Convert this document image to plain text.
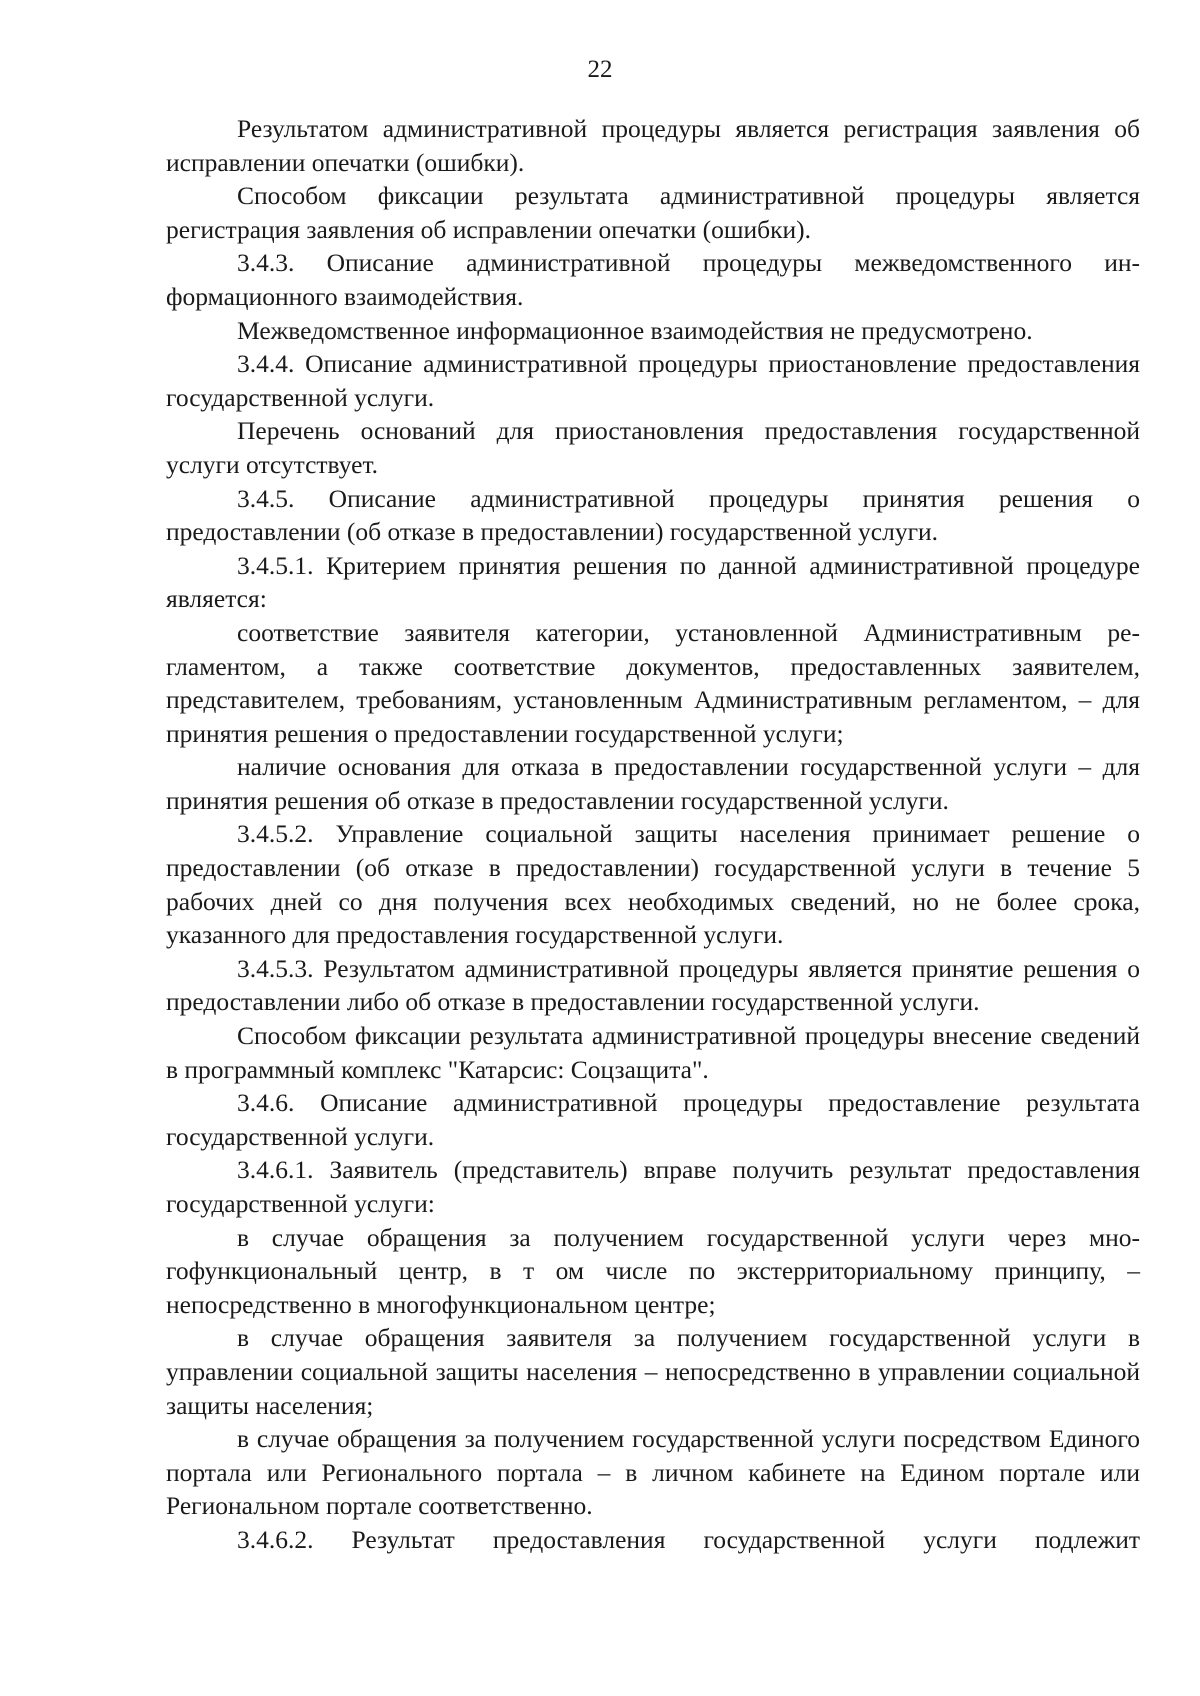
22

Результатом административной процедуры является регистрация заявления об исправлении опечатки (ошибки).

Способом фиксации результата административной процедуры является регистрация заявления об исправлении опечатки (ошибки).

3.4.3. Описание административной процедуры межведомственного информационного взаимодействия.

Межведомственное информационное взаимодействия не предусмотрено.

3.4.4. Описание административной процедуры приостановление предоставления государственной услуги.

Перечень оснований для приостановления предоставления государственной услуги отсутствует.

3.4.5. Описание административной процедуры принятия решения о предоставлении (об отказе в предоставлении) государственной услуги.

3.4.5.1. Критерием принятия решения по данной административной процедуре является:

соответствие заявителя категории, установленной Административным регламентом, а также соответствие документов, предоставленных заявителем, представителем, требованиям, установленным Административным регламентом, – для принятия решения о предоставлении государственной услуги;

наличие основания для отказа в предоставлении государственной услуги – для принятия решения об отказе в предоставлении государственной услуги.

3.4.5.2. Управление социальной защиты населения принимает решение о предоставлении (об отказе в предоставлении) государственной услуги в течение 5 рабочих дней со дня получения всех необходимых сведений, но не более срока, указанного для предоставления государственной услуги.

3.4.5.3. Результатом административной процедуры является принятие решения о предоставлении либо об отказе в предоставлении государственной услуги.

Способом фиксации результата административной процедуры внесение сведений в программный комплекс "Катарсис: Соцзащита".

3.4.6. Описание административной процедуры предоставление результата государственной услуги.

3.4.6.1. Заявитель (представитель) вправе получить результат предоставления государственной услуги:

в случае обращения за получением государственной услуги через многофункциональный центр, в т ом числе по экстерриториальному принципу, – непосредственно в многофункциональном центре;

в случае обращения заявителя за получением государственной услуги в управлении социальной защиты населения – непосредственно в управлении социальной защиты населения;

в случае обращения за получением государственной услуги посредством Единого портала или Регионального портала – в личном кабинете на Едином портале или Региональном портале соответственно.

3.4.6.2. Результат предоставления государственной услуги подлежит
